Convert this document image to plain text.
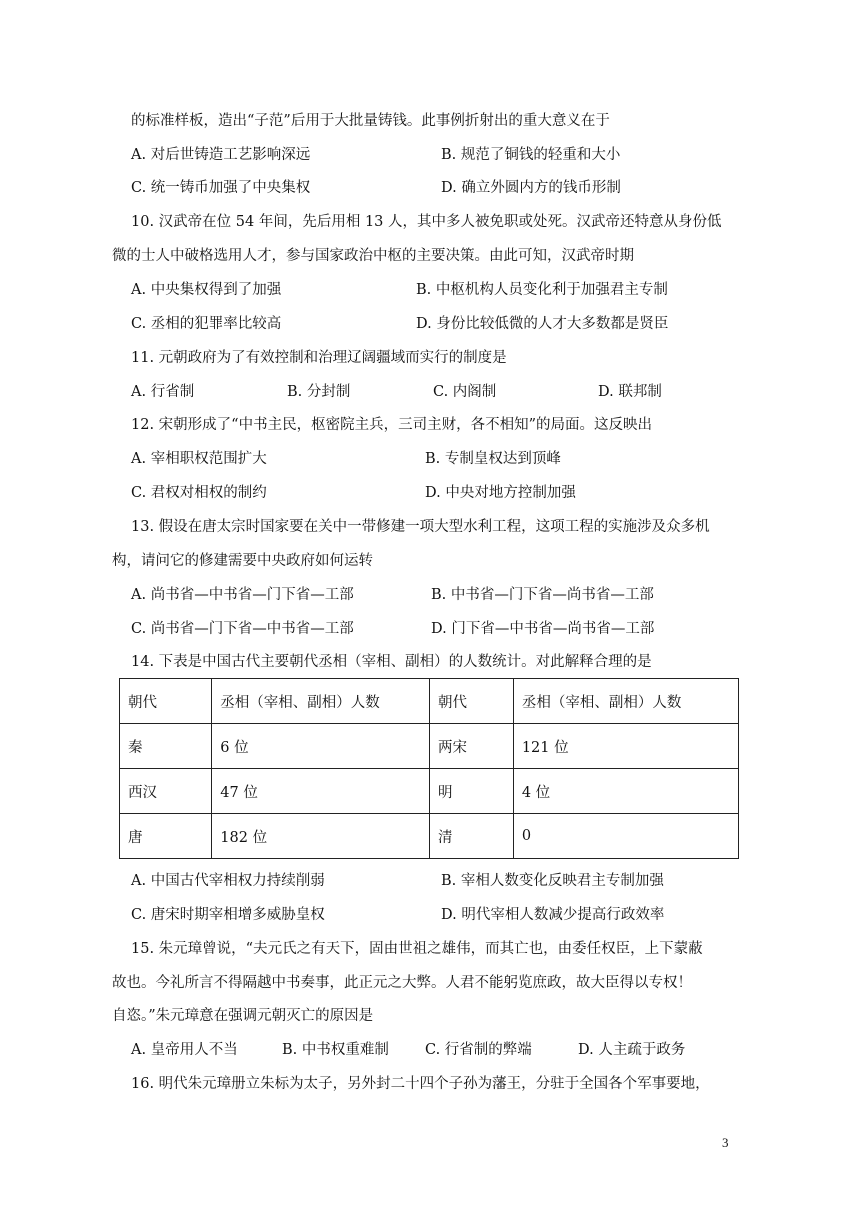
的标准样板，造出“子范”后用于大批量铸钱。此事例折射出的重大意义在于
A. 对后世铸造工艺影响深远	B. 规范了铜钱的轻重和大小
C. 统一铸币加强了中央集权	D. 确立外圆内方的钱币形制
10. 汉武帝在位 54 年间，先后用相 13 人，其中多人被免职或处死。汉武帝还特意从身份低
微的士人中破格选用人才，参与国家政治中枢的主要决策。由此可知，汉武帝时期
A. 中央集权得到了加强	B. 中枢机构人员变化利于加强君主专制
C. 丞相的犯罪率比较高	D. 身份比较低微的人才大多数都是贤臣
11. 元朝政府为了有效控制和治理辽阔疆域而实行的制度是
A. 行省制	B. 分封制	C. 内阁制	D. 联邦制
12. 宋朝形成了“中书主民，枢密院主兵，三司主财，各不相知”的局面。这反映出
A. 宰相职权范围扩大	B. 专制皇权达到顶峰
C. 君权对相权的制约	D. 中央对地方控制加强
13. 假设在唐太宗时国家要在关中一带修建一项大型水利工程，这项工程的实施涉及众多机
构，请问它的修建需要中央政府如何运转
A. 尚书省—中书省—门下省—工部	B. 中书省—门下省—尚书省—工部
C. 尚书省—门下省—中书省—工部	D. 门下省—中书省—尚书省—工部
14. 下表是中国古代主要朝代丞相（宰相、副相）的人数统计。对此解释合理的是
朝代	丞相（宰相、副相）人数	朝代	丞相（宰相、副相）人数
秦	6 位	两宋	121 位
西汉	47 位	明	4 位
唐	182 位	清	0
A. 中国古代宰相权力持续削弱	B. 宰相人数变化反映君主专制加强
C. 唐宋时期宰相增多威胁皇权	D. 明代宰相人数减少提高行政效率
15. 朱元璋曾说，“夫元氏之有天下，固由世祖之雄伟，而其亡也，由委任权臣，上下蒙蔽
故也。今礼所言不得隔越中书奏事，此正元之大弊。人君不能躬览庶政，故大臣得以专权！
自恣。”朱元璋意在强调元朝灭亡的原因是
A. 皇帝用人不当	B. 中书权重难制 C. 行省制的弊端	D. 人主疏于政务
16. 明代朱元璋册立朱标为太子，另外封二十四个子孙为藩王，分驻于全国各个军事要地，
3
